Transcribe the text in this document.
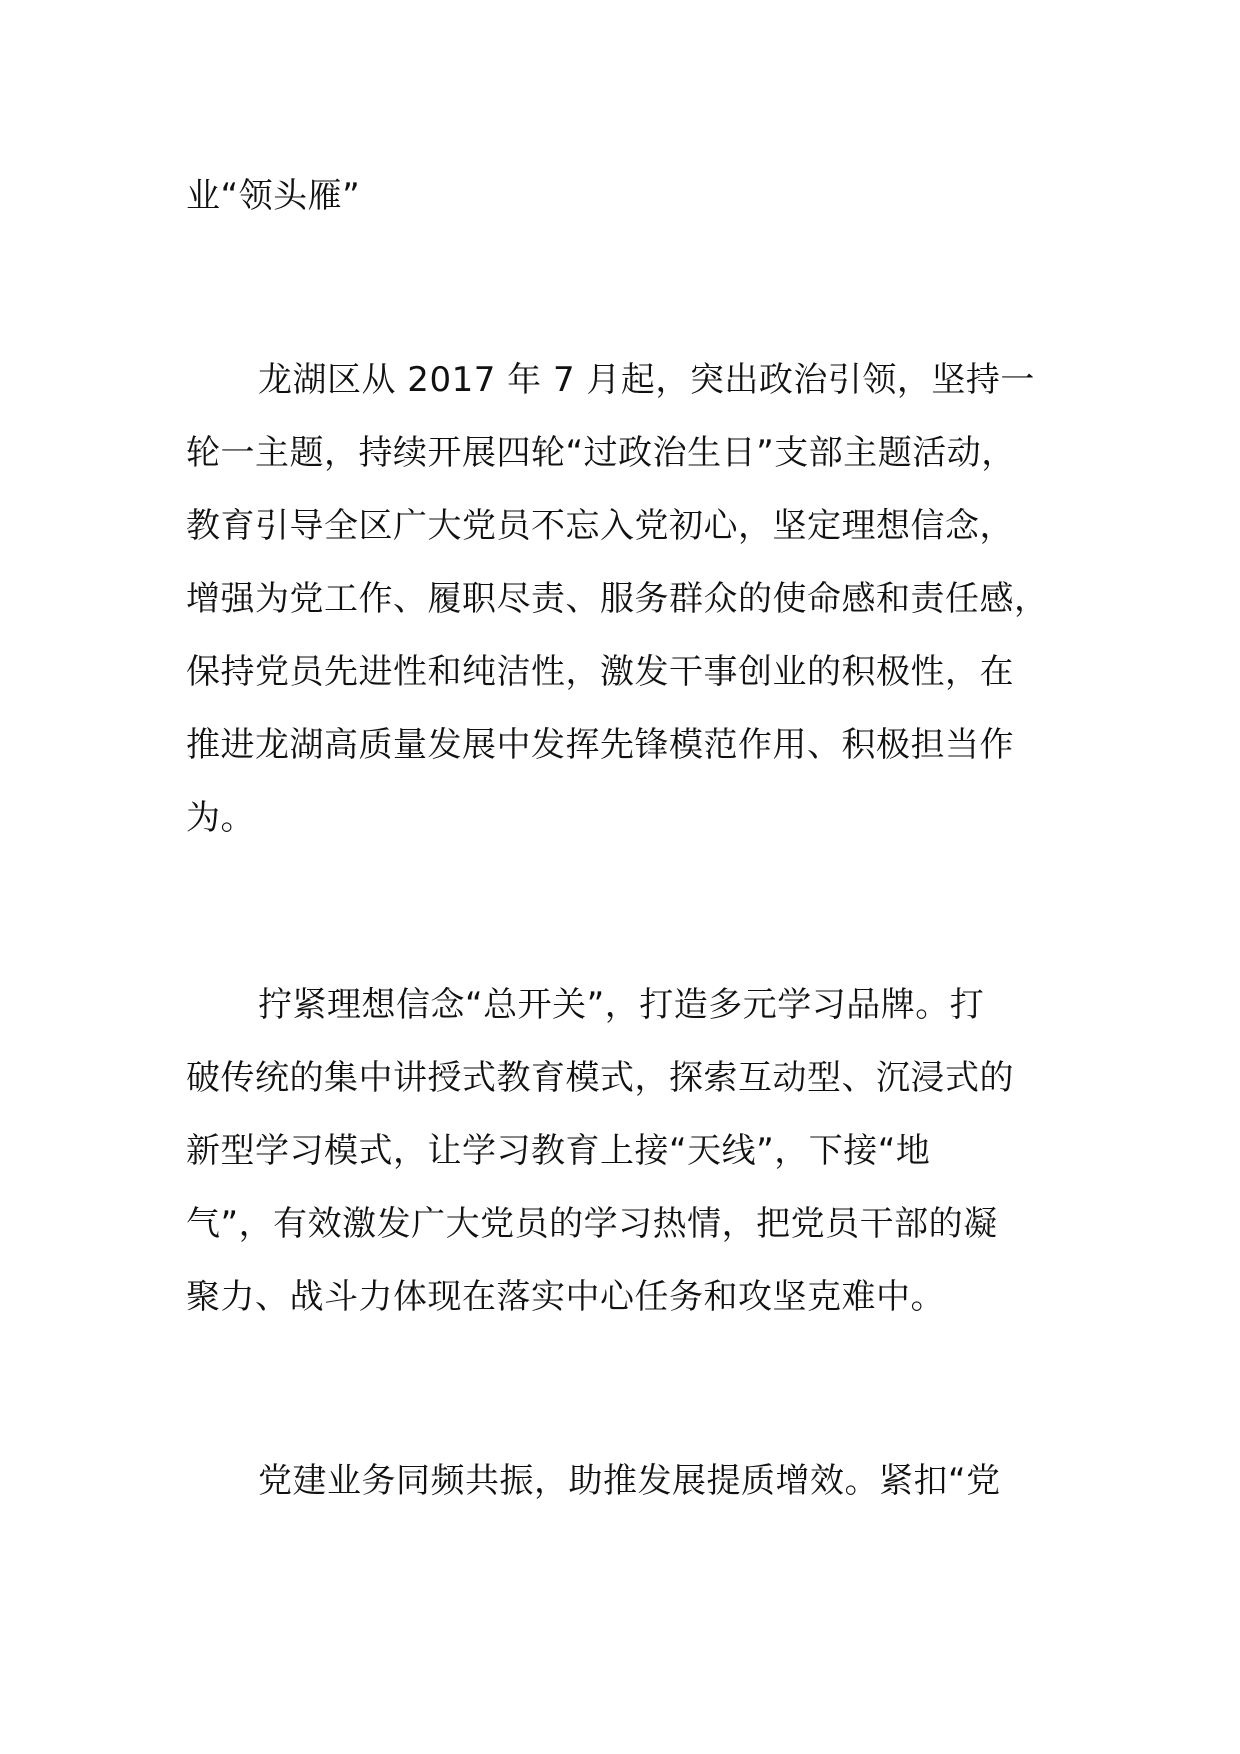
业“领头雁”
龙湖区从 2017 年 7 月起，突出政治引领，坚持一
轮一主题，持续开展四轮“过政治生日”支部主题活动，
教育引导全区广大党员不忘入党初心，坚定理想信念，
增强为党工作、履职尽责、服务群众的使命感和责任感，
保持党员先进性和纯洁性，激发干事创业的积极性，在
推进龙湖高质量发展中发挥先锋模范作用、积极担当作
为。
拧紧理想信念“总开关”，打造多元学习品牌。打
破传统的集中讲授式教育模式，探索互动型、沉浸式的
新型学习模式，让学习教育上接“天线”，下接“地
气”，有效激发广大党员的学习热情，把党员干部的凝
聚力、战斗力体现在落实中心任务和攻坚克难中。
党建业务同频共振，助推发展提质增效。紧扣“党
